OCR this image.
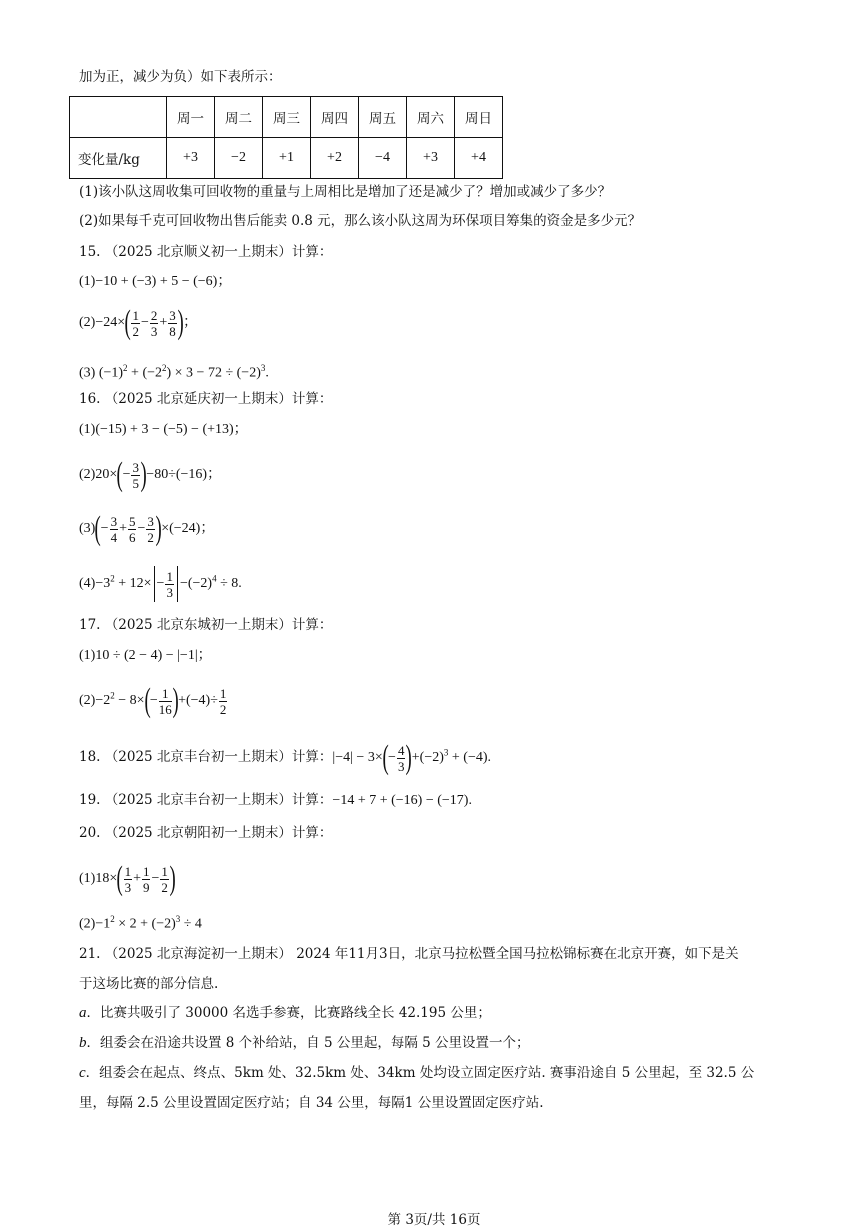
加为正，减少为负）如下表所示：
	周一	周二	周三	周四	周五	周六	周日
变化量/kg	+3	−2	+1	+2	−4	+3	+4
(1)该小队这周收集可回收物的重量与上周相比是增加了还是减少了？增加或减少了多少？
(2)如果每千克可回收物出售后能卖 0.8 元，那么该小队这周为环保项目筹集的资金是多少元？
15. （2025 北京顺义初一上期末）计算：
(1)−10 + (−3) + 5 − (−6)；
$(2)-24\times( \frac{1}{2} - \frac{2}{3} + \frac{3}{8}$ )；
(3) $(-1)^2 + (-2^2) \times 3 - 72 \div (-2)^3$.
16. （2025 北京延庆初一上期末）计算：
(1)(−15) + 3 − (−5) − (+13)；
$(2)20\times(- \frac{3}{5} )-80\div(-16)$；
$(3)(- \frac{3}{4} + \frac{5}{6} - \frac{3}{2} )\times(-24)$；
$(4)-3^2 + 12\times - \frac{1}{3} -(-2)^4 \div 8$.
17. （2025 北京东城初一上期末）计算：
(1)10 ÷ (2 − 4) − |−1|；
$(2)-2^2 - 8\times(- \frac{1}{16} )+(-4)\div \frac{1}{2}$
18. （2025 北京丰台初一上期末）计算：$|-4| - 3\times(- \frac{4}{3} )+(-2)^3 + (-4)$.
19. （2025 北京丰台初一上期末）计算：−14 + 7 + (−16) − (−17).
20. （2025 北京朝阳初一上期末）计算：
$(1)18\times( \frac{1}{3} + \frac{1}{9} - \frac{1}{2}$ )
$(2)-1^2 \times 2 + (-2)^3 \div 4$
21. （2025 北京海淀初一上期末） 2024 年11月3日，北京马拉松暨全国马拉松锦标赛在北京开赛，如下是关
于这场比赛的部分信息.
a．比赛共吸引了 30000 名选手参赛，比赛路线全长 42.195 公里；
b．组委会在沿途共设置 8 个补给站，自 5 公里起，每隔 5 公里设置一个；
c．组委会在起点、终点、5km 处、32.5km 处、34km 处均设立固定医疗站. 赛事沿途自 5 公里起，至 32.5 公
里，每隔 2.5 公里设置固定医疗站；自 34 公里，每隔1 公里设置固定医疗站.
第 3页/共 16页
